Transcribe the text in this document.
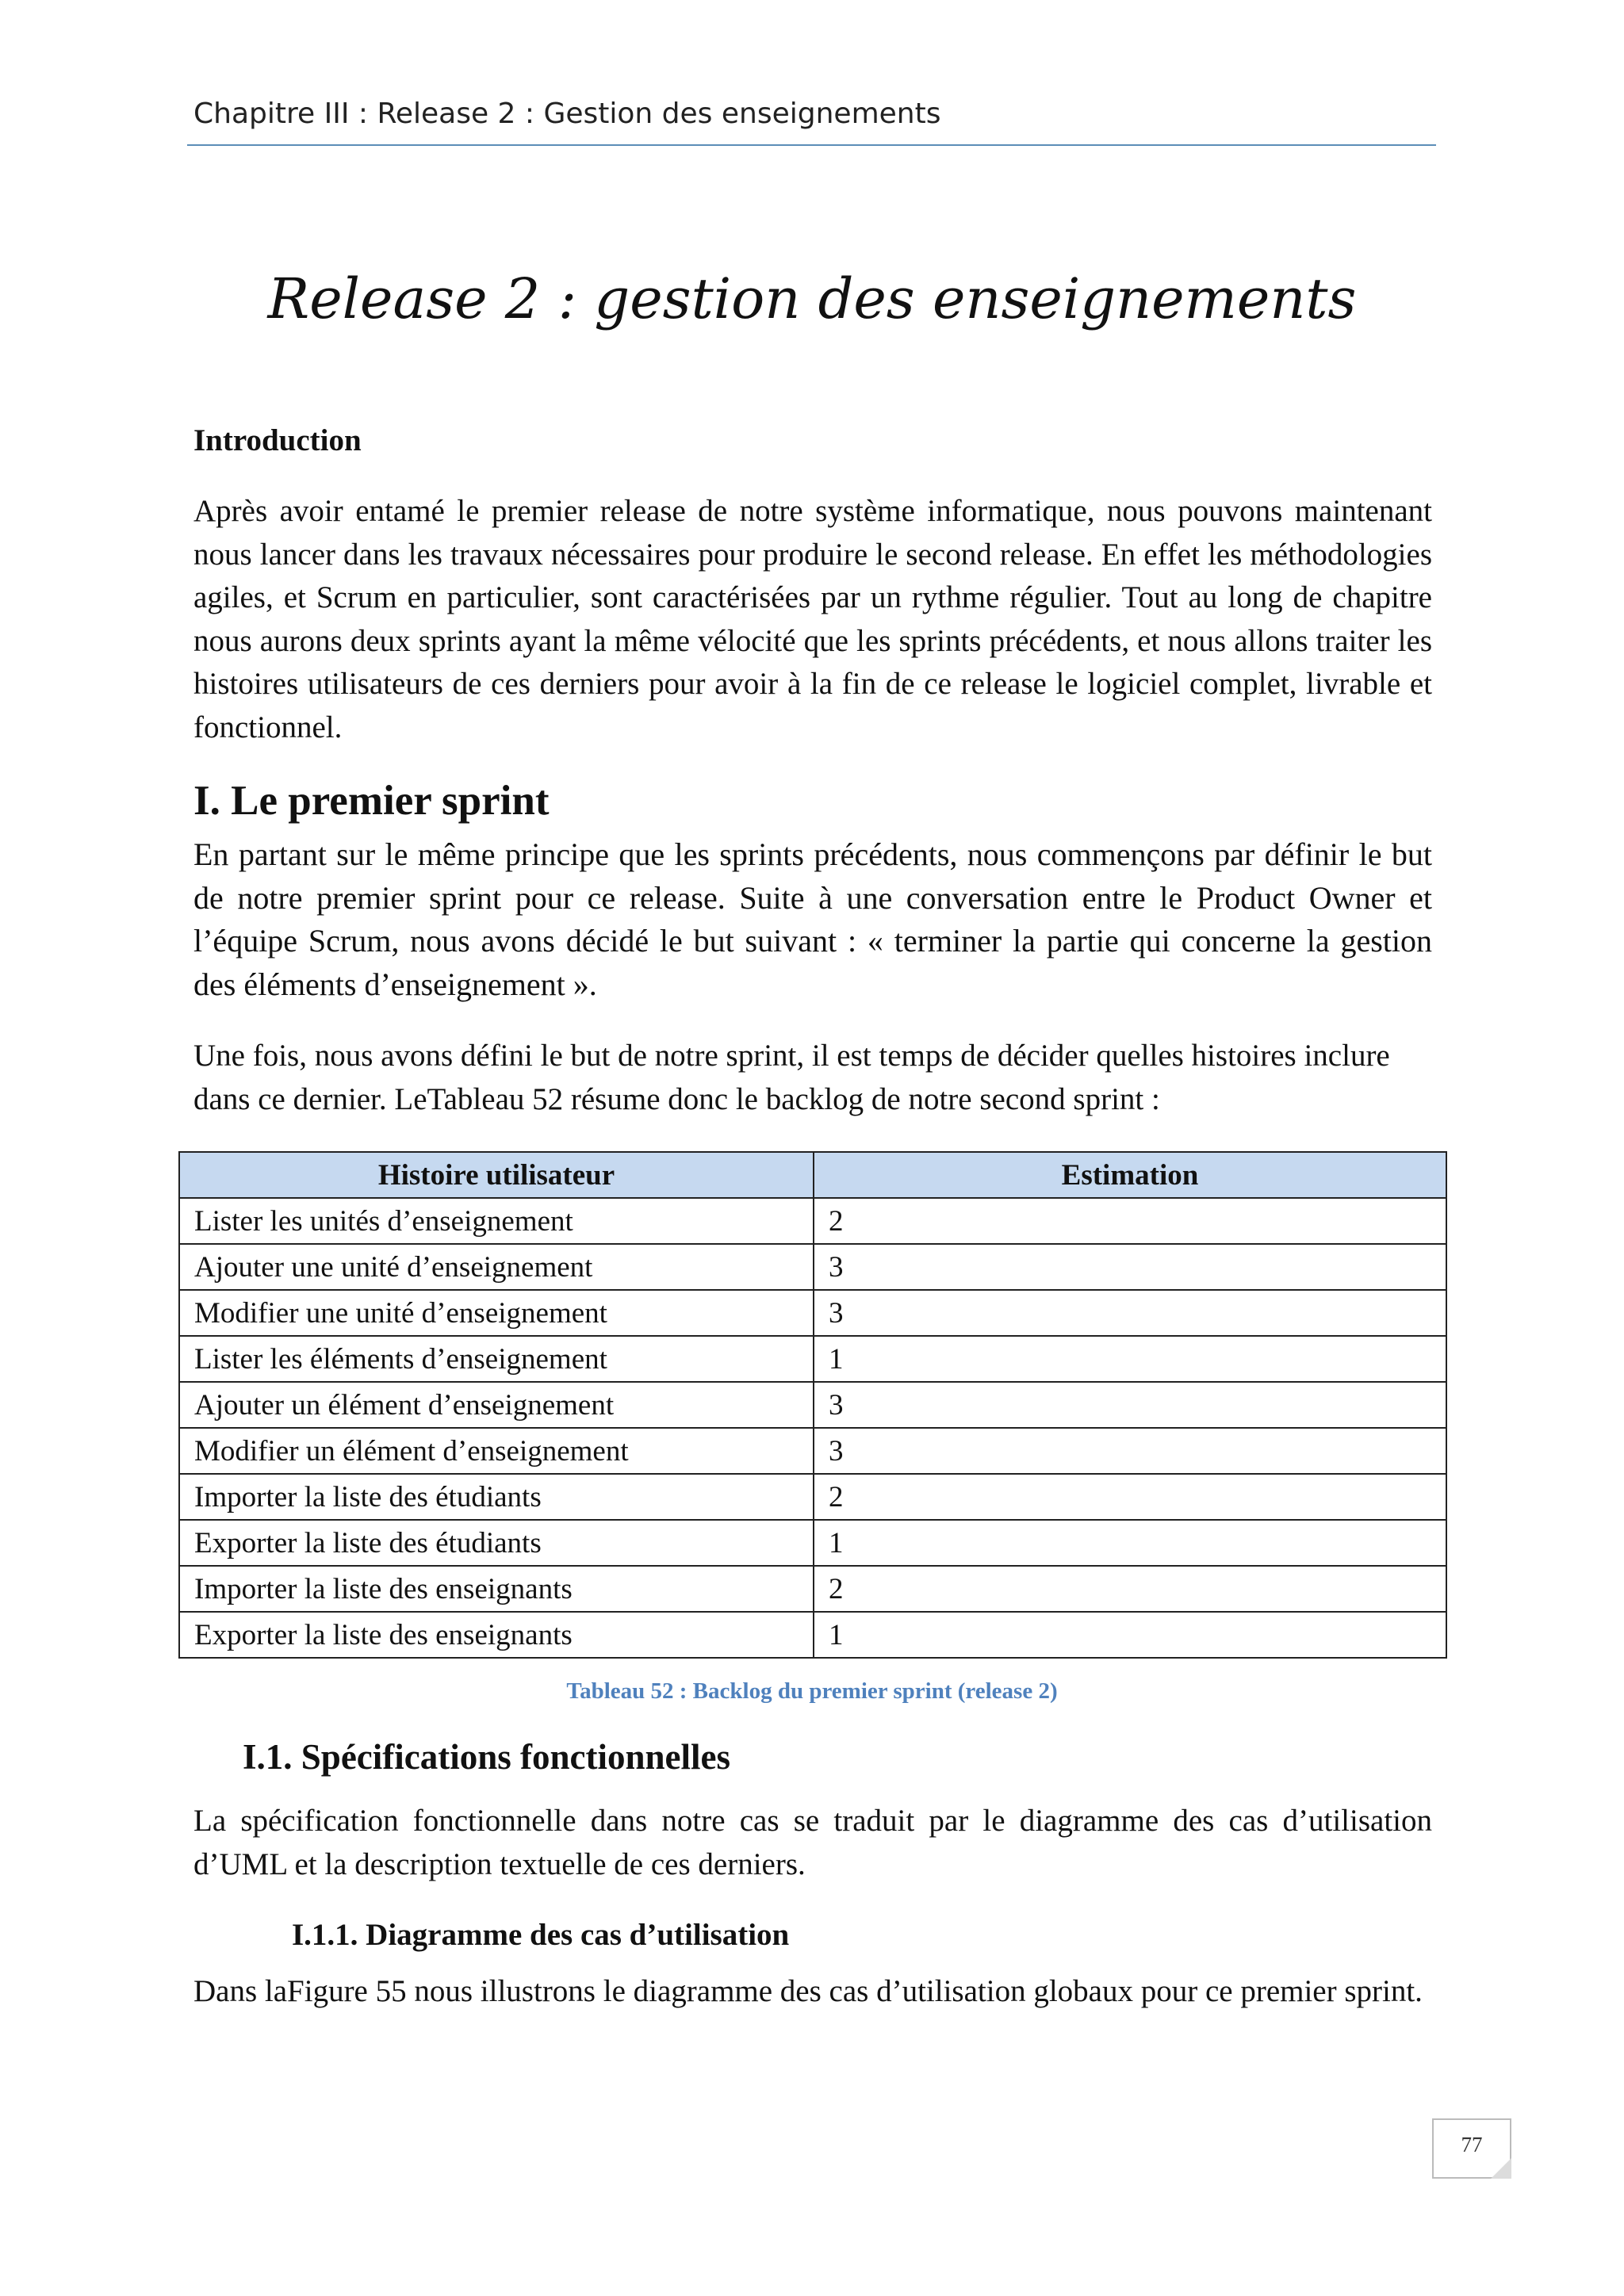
Chapitre III : Release 2 : Gestion des enseignements
Release 2 : gestion des enseignements
Introduction

Après avoir entamé le premier release de notre système informatique, nous pouvons maintenant nous lancer dans les travaux nécessaires pour produire le second release. En effet les méthodologies agiles, et Scrum en particulier, sont caractérisées par un rythme régulier. Tout au long de chapitre nous aurons deux sprints ayant la même vélocité que les sprints précédents, et nous allons traiter les histoires utilisateurs de ces derniers pour avoir à la fin de ce release le logiciel complet, livrable et fonctionnel.

I. Le premier sprint

En partant sur le même principe que les sprints précédents, nous commençons par définir le but de notre premier sprint pour ce release. Suite à une conversation entre le Product Owner et l’équipe Scrum, nous avons décidé le but suivant : « terminer la partie qui concerne la gestion des éléments d’enseignement ».

Une fois, nous avons défini le but de notre sprint, il est temps de décider quelles histoires inclure dans ce dernier. LeTableau 52 résume donc le backlog de notre second sprint :

Histoire utilisateur	Estimation
Lister les unités d’enseignement	2
Ajouter une unité d’enseignement	3
Modifier une unité d’enseignement	3
Lister les éléments d’enseignement	1
Ajouter un élément d’enseignement	3
Modifier un élément d’enseignement	3
Importer la liste des étudiants	2
Exporter la liste des étudiants	1
Importer la liste des enseignants	2
Exporter la liste des enseignants	1
Tableau 52 : Backlog du premier sprint (release 2)
I.1. Spécifications fonctionnelles

La spécification fonctionnelle dans notre cas se traduit par le diagramme des cas d’utilisation d’UML et la description textuelle de ces derniers.

I.1.1. Diagramme des cas d’utilisation

Dans laFigure 55 nous illustrons le diagramme des cas d’utilisation globaux pour ce premier sprint.

77
